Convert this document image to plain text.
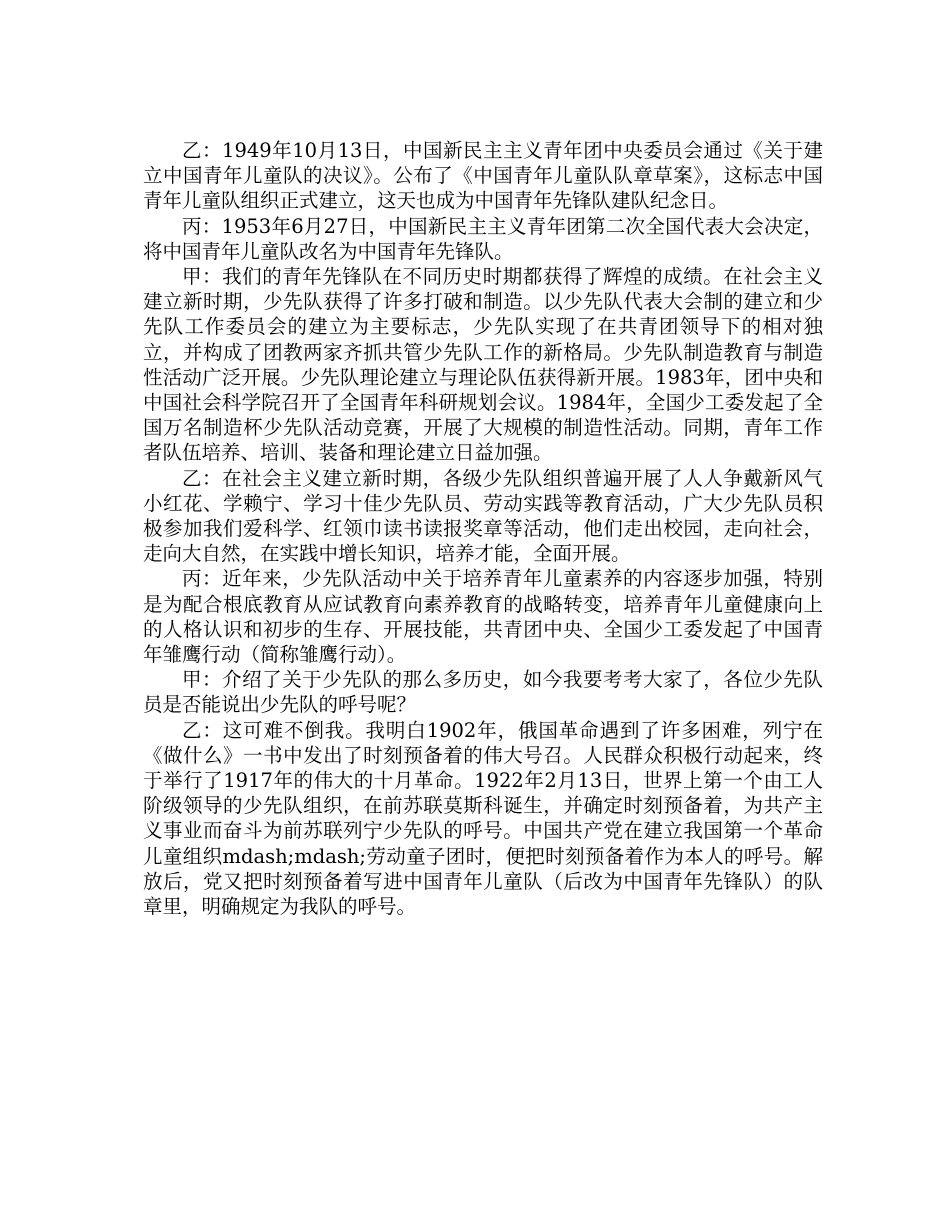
乙：1949年10月13日，中国新民主主义青年团中央委员会通过《关于建立中国青年儿童队的决议》。公布了《中国青年儿童队队章草案》，这标志中国青年儿童队组织正式建立，这天也成为中国青年先锋队建队纪念日。

丙：1953年6月27日，中国新民主主义青年团第二次全国代表大会决定，将中国青年儿童队改名为中国青年先锋队。

甲：我们的青年先锋队在不同历史时期都获得了辉煌的成绩。在社会主义建立新时期，少先队获得了许多打破和制造。以少先队代表大会制的建立和少先队工作委员会的建立为主要标志，少先队实现了在共青团领导下的相对独立，并构成了团教两家齐抓共管少先队工作的新格局。少先队制造教育与制造性活动广泛开展。少先队理论建立与理论队伍获得新开展。1983年，团中央和中国社会科学院召开了全国青年科研规划会议。1984年，全国少工委发起了全国万名制造杯少先队活动竞赛，开展了大规模的制造性活动。同期，青年工作者队伍培养、培训、装备和理论建立日益加强。

乙：在社会主义建立新时期，各级少先队组织普遍开展了人人争戴新风气小红花、学赖宁、学习十佳少先队员、劳动实践等教育活动，广大少先队员积极参加我们爱科学、红领巾读书读报奖章等活动，他们走出校园，走向社会，走向大自然，在实践中增长知识，培养才能，全面开展。

丙：近年来，少先队活动中关于培养青年儿童素养的内容逐步加强，特别是为配合根底教育从应试教育向素养教育的战略转变，培养青年儿童健康向上的人格认识和初步的生存、开展技能，共青团中央、全国少工委发起了中国青年雏鹰行动（简称雏鹰行动）。

甲：介绍了关于少先队的那么多历史，如今我要考考大家了，各位少先队员是否能说出少先队的呼号呢？

乙：这可难不倒我。我明白1902年，俄国革命遇到了许多困难，列宁在《做什么》一书中发出了时刻预备着的伟大号召。人民群众积极行动起来，终于举行了1917年的伟大的十月革命。1922年2月13日，世界上第一个由工人阶级领导的少先队组织，在前苏联莫斯科诞生，并确定时刻预备着，为共产主义事业而奋斗为前苏联列宁少先队的呼号。中国共产党在建立我国第一个革命儿童组织mdash;mdash;劳动童子团时，便把时刻预备着作为本人的呼号。解放后，党又把时刻预备着写进中国青年儿童队（后改为中国青年先锋队）的队章里，明确规定为我队的呼号。
